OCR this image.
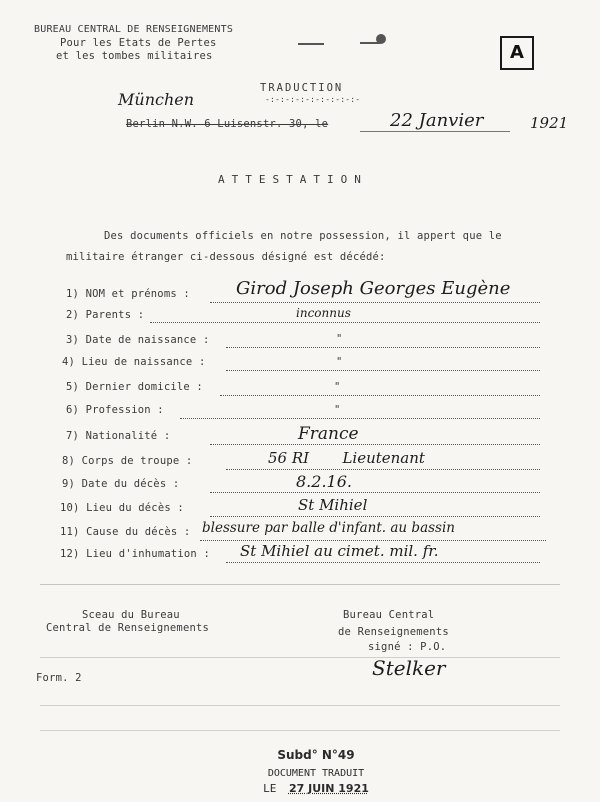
BUREAU CENTRAL DE RENSEIGNEMENTS
Pour les Etats de Pertes
et les tombes militaires	A
TRADUCTION
-:-:-:-:-:-:-:-:-:-
München
Berlin N.W. 6 Luisenstr. 30, le	22 Janvier	1921
ATTESTATION
Des documents officiels en notre possession, il appert que le
militaire étranger ci-dessous désigné est décédé:
1) NOM et prénoms :	Girod Joseph Georges Eugène
2) Parents :	inconnus
3) Date de naissance :	"
4) Lieu de naissance :	"
5) Dernier domicile :	"
6) Profession :	"
7) Nationalité :	France
8) Corps de troupe :	56 RI       Lieutenant
9) Date du décès :	8.2.16.
10) Lieu du décès :	St Mihiel
11) Cause du décès : blessure par balle d'infant. au bassin
12) Lieu d'inhumation : St Mihiel au cimet. mil. fr.
Sceau du Bureau
Central de Renseignements
Bureau Central
de Renseignements
signé : P.O.
Stelker
Form. 2
Subd° N°49
DOCUMENT TRADUIT
LE 27 JUIN 1921
